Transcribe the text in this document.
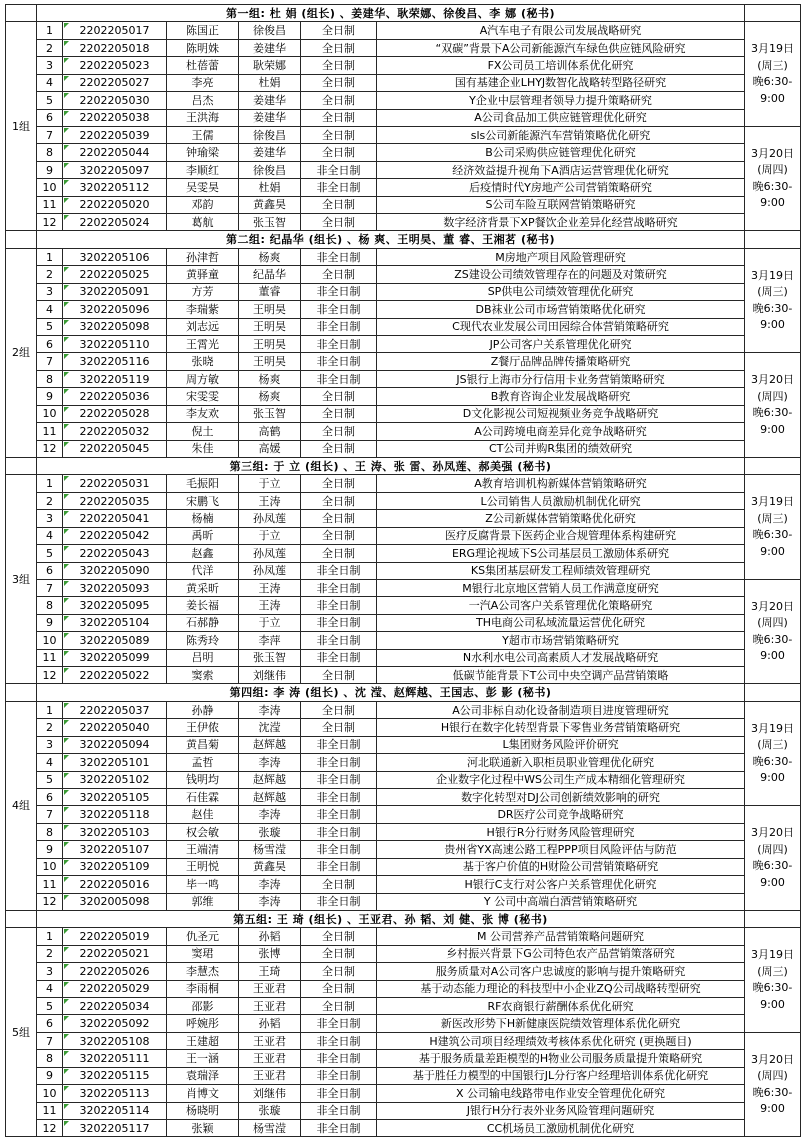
	第一组: 杜 娟 (组长) 、姜建华、耿荣娜、徐俊昌、李 娜 (秘书)						
1组	1	2202205017	陈国正	徐俊昌	全日制	A汽车电子有限公司发展战略研究	3月19日
(周三)
晚6:30-
9:00

	2	2202205018	陈明姝	姜建华	全日制	“双碳”背景下A公司新能源汽车绿色供应链风险研究	
	3	2202205023	杜蓓蕾	耿荣娜	全日制	FX公司员工培训体系优化研究	
	4	2202205027	李亮	杜娟	全日制	国有基建企业LHYJ数智化战略转型路径研究	
	5	2202205030	吕杰	姜建华	全日制	Y企业中层管理者领导力提升策略研究	
	6	2202205038	王洪海	姜建华	全日制	A公司食品加工供应链管理优化研究	
	7	2202205039	王儒	徐俊昌	全日制	sls公司新能源汽车营销策略优化研究	3月20日
(周四)
晚6:30-
9:00

	8	2202205044	钟瑜梁	姜建华	全日制	B公司采购供应链管理优化研究	
	9	3202205097	李顺红	徐俊昌	非全日制	经济效益提升视角下A酒店运营管理优化研究	
	10	3202205112	吴雯昊	杜娟	非全日制	后疫情时代Y房地产公司营销策略研究	
	11	2202205020	邓韵	黄鑫昊	全日制	S公司车险互联网营销策略研究	
	12	2202205024	葛航	张玉智	全日制	数字经济背景下XP餐饮企业差异化经营战略研究	
	第二组: 纪晶华 (组长) 、杨 爽、王明昊、董 睿、王湘茗 (秘书)						
2组	1	3202205106	孙津哲	杨爽	非全日制	M房地产项目风险管理研究	3月19日
(周三)
晚6:30-
9:00

	2	2202205025	黄驿童	纪晶华	全日制	ZS建设公司绩效管理存在的问题及对策研究	
	3	3202205091	方芳	董睿	非全日制	SP供电公司绩效管理优化研究	
	4	3202205096	李瑞紫	王明昊	非全日制	DB袜业公司市场营销策略优化研究	
	5	3202205098	刘志远	王明昊	非全日制	C现代农业发展公司田园综合体营销策略研究	
	6	3202205110	王霄光	王明昊	非全日制	JP公司客户关系管理优化研究	
	7	3202205116	张晓	王明昊	非全日制	Z餐厅品牌品牌传播策略研究	3月20日
(周四)
晚6:30-
9:00

	8	3202205119	周方敏	杨爽	非全日制	JS银行上海市分行信用卡业务营销策略研究	
	9	2202205036	宋雯雯	杨爽	全日制	B教育咨询企业发展战略研究	
	10	2202205028	李友欢	张玉智	全日制	D文化影视公司短视频业务竞争战略研究	
	11	2202205032	倪土	高鹤	全日制	A公司跨境电商差异化竞争战略研究	
	12	2202205045	朱佳	高媛	全日制	CT公司并购R集团的绩效研究	
	第三组: 于 立 (组长) 、王 涛、张 雷、孙凤莲、郝美强 (秘书)						
3组	1	2202205031	毛振阳	于立	全日制	A教育培训机构新媒体营销策略研究	3月19日
(周三)
晚6:30-
9:00

	2	2202205035	宋鹏飞	王涛	全日制	L公司销售人员激励机制优化研究	
	3	2202205041	杨楠	孙凤莲	全日制	Z公司新媒体营销策略优化研究	
	4	2202205042	禹昕	于立	全日制	医疗反腐背景下医药企业合规管理体系构建研究	
	5	2202205043	赵鑫	孙凤莲	全日制	ERG理论视域下S公司基层员工激励体系研究	
	6	3202205090	代洋	孙凤莲	非全日制	KS集团基层研发工程师绩效管理研究	
	7	3202205093	黄采昕	王涛	非全日制	M银行北京地区营销人员工作满意度研究	3月20日
(周四)
晚6:30-
9:00

	8	3202205095	姜长福	王涛	非全日制	一汽A公司客户关系管理优化策略研究	
	9	3202205104	石郝静	于立	非全日制	TH电商公司私域流量运营优化研究	
	10	3202205089	陈秀玲	李萍	非全日制	Y超市市场营销策略研究	
	11	3202205099	吕明	张玉智	非全日制	N水利水电公司高素质人才发展战略研究	
	12	2202205022	窦索	刘继伟	全日制	低碳节能背景下T公司中央空调产品营销策略	
	第四组: 李 涛 (组长) 、沈 滢、赵辉越、王国志、彭 影 (秘书)						
4组	1	2202205037	孙静	李涛	全日制	A公司非标自动化设备制造项目进度管理研究	3月19日
(周三)
晚6:30-
9:00

	2	2202205040	王伊侬	沈滢	全日制	H银行在数字化转型背景下零售业务营销策略研究	
	3	3202205094	黄昌菊	赵辉越	非全日制	L集团财务风险评价研究	
	4	3202205101	孟哲	李涛	非全日制	河北联通新入职柜员职业管理优化研究	
	5	3202205102	钱明均	赵辉越	非全日制	企业数字化过程中WS公司生产成本精细化管理研究	
	6	3202205105	石佳霖	赵辉越	非全日制	数字化转型对DJ公司创新绩效影响的研究	
	7	3202205118	赵佳	李涛	非全日制	DR医疗公司竞争战略研究	3月20日
(周四)
晚6:30-
9:00

	8	3202205103	权会敏	张璇	非全日制	H银行R分行财务风险管理研究	
	9	3202205107	王端清	杨雪滢	非全日制	贵州省YX高速公路工程PPP项目风险评估与防范	
	10	3202205109	王明悦	黄鑫昊	非全日制	基于客户价值的H财险公司营销策略研究	
	11	2202205016	毕一鸣	李涛	全日制	H银行C支行对公客户关系管理优化研究	
	12	3202005098	郭维	李涛	非全日制	Y 公司中高端白酒营销策略研究	
	第五组: 王 琦 (组长) 、王亚君、孙 韬、刘 健、张 博 (秘书)						
5组	1	2202205019	仇圣元	孙韬	全日制	M 公司营养产品营销策略问题研究	3月19日
(周三)
晚6:30-
9:00

	2	2202205021	窦珺	张博	全日制	乡村振兴背景下G公司特色农产品营销策落研究	
	3	2202205026	李慧杰	王琦	全日制	服务质量对A公司客户忠诚度的影响与提升策略研究	
	4	2202205029	李雨桐	王亚君	全日制	基于动态能力理论的科技型中小企业ZQ公司战略转型研究	
	5	2202205034	邵影	王亚君	全日制	RF农商银行薪酬体系优化研究	
	6	3202205092	呼婉彤	孙韬	非全日制	新医改形势下H新健康医院绩效管理体系优化研究	
	7	3202205108	王建超	王亚君	非全日制	H建筑公司项目经理绩效考核体系优化研究 (更换题目)	3月20日
(周四)
晚6:30-
9:00

	8	3202205111	王一涵	王亚君	非全日制	基于服务质量差距模型的H物业公司服务质量提升策略研究	
	9	3202205115	袁瑞泽	王亚君	非全日制	基于胜任力模型的中国银行JL分行客户经理培训体系优化研究	
	10	3202205113	肖博文	刘继伟	非全日制	X 公司输电线路带电作业安全管理优化研究	
	11	3202205114	杨晓明	张璇	非全日制	J银行H分行表外业务风险管理问题研究	
	12	3202205117	张颖	杨雪滢	非全日制	CC机场员工激励机制优化研究	
